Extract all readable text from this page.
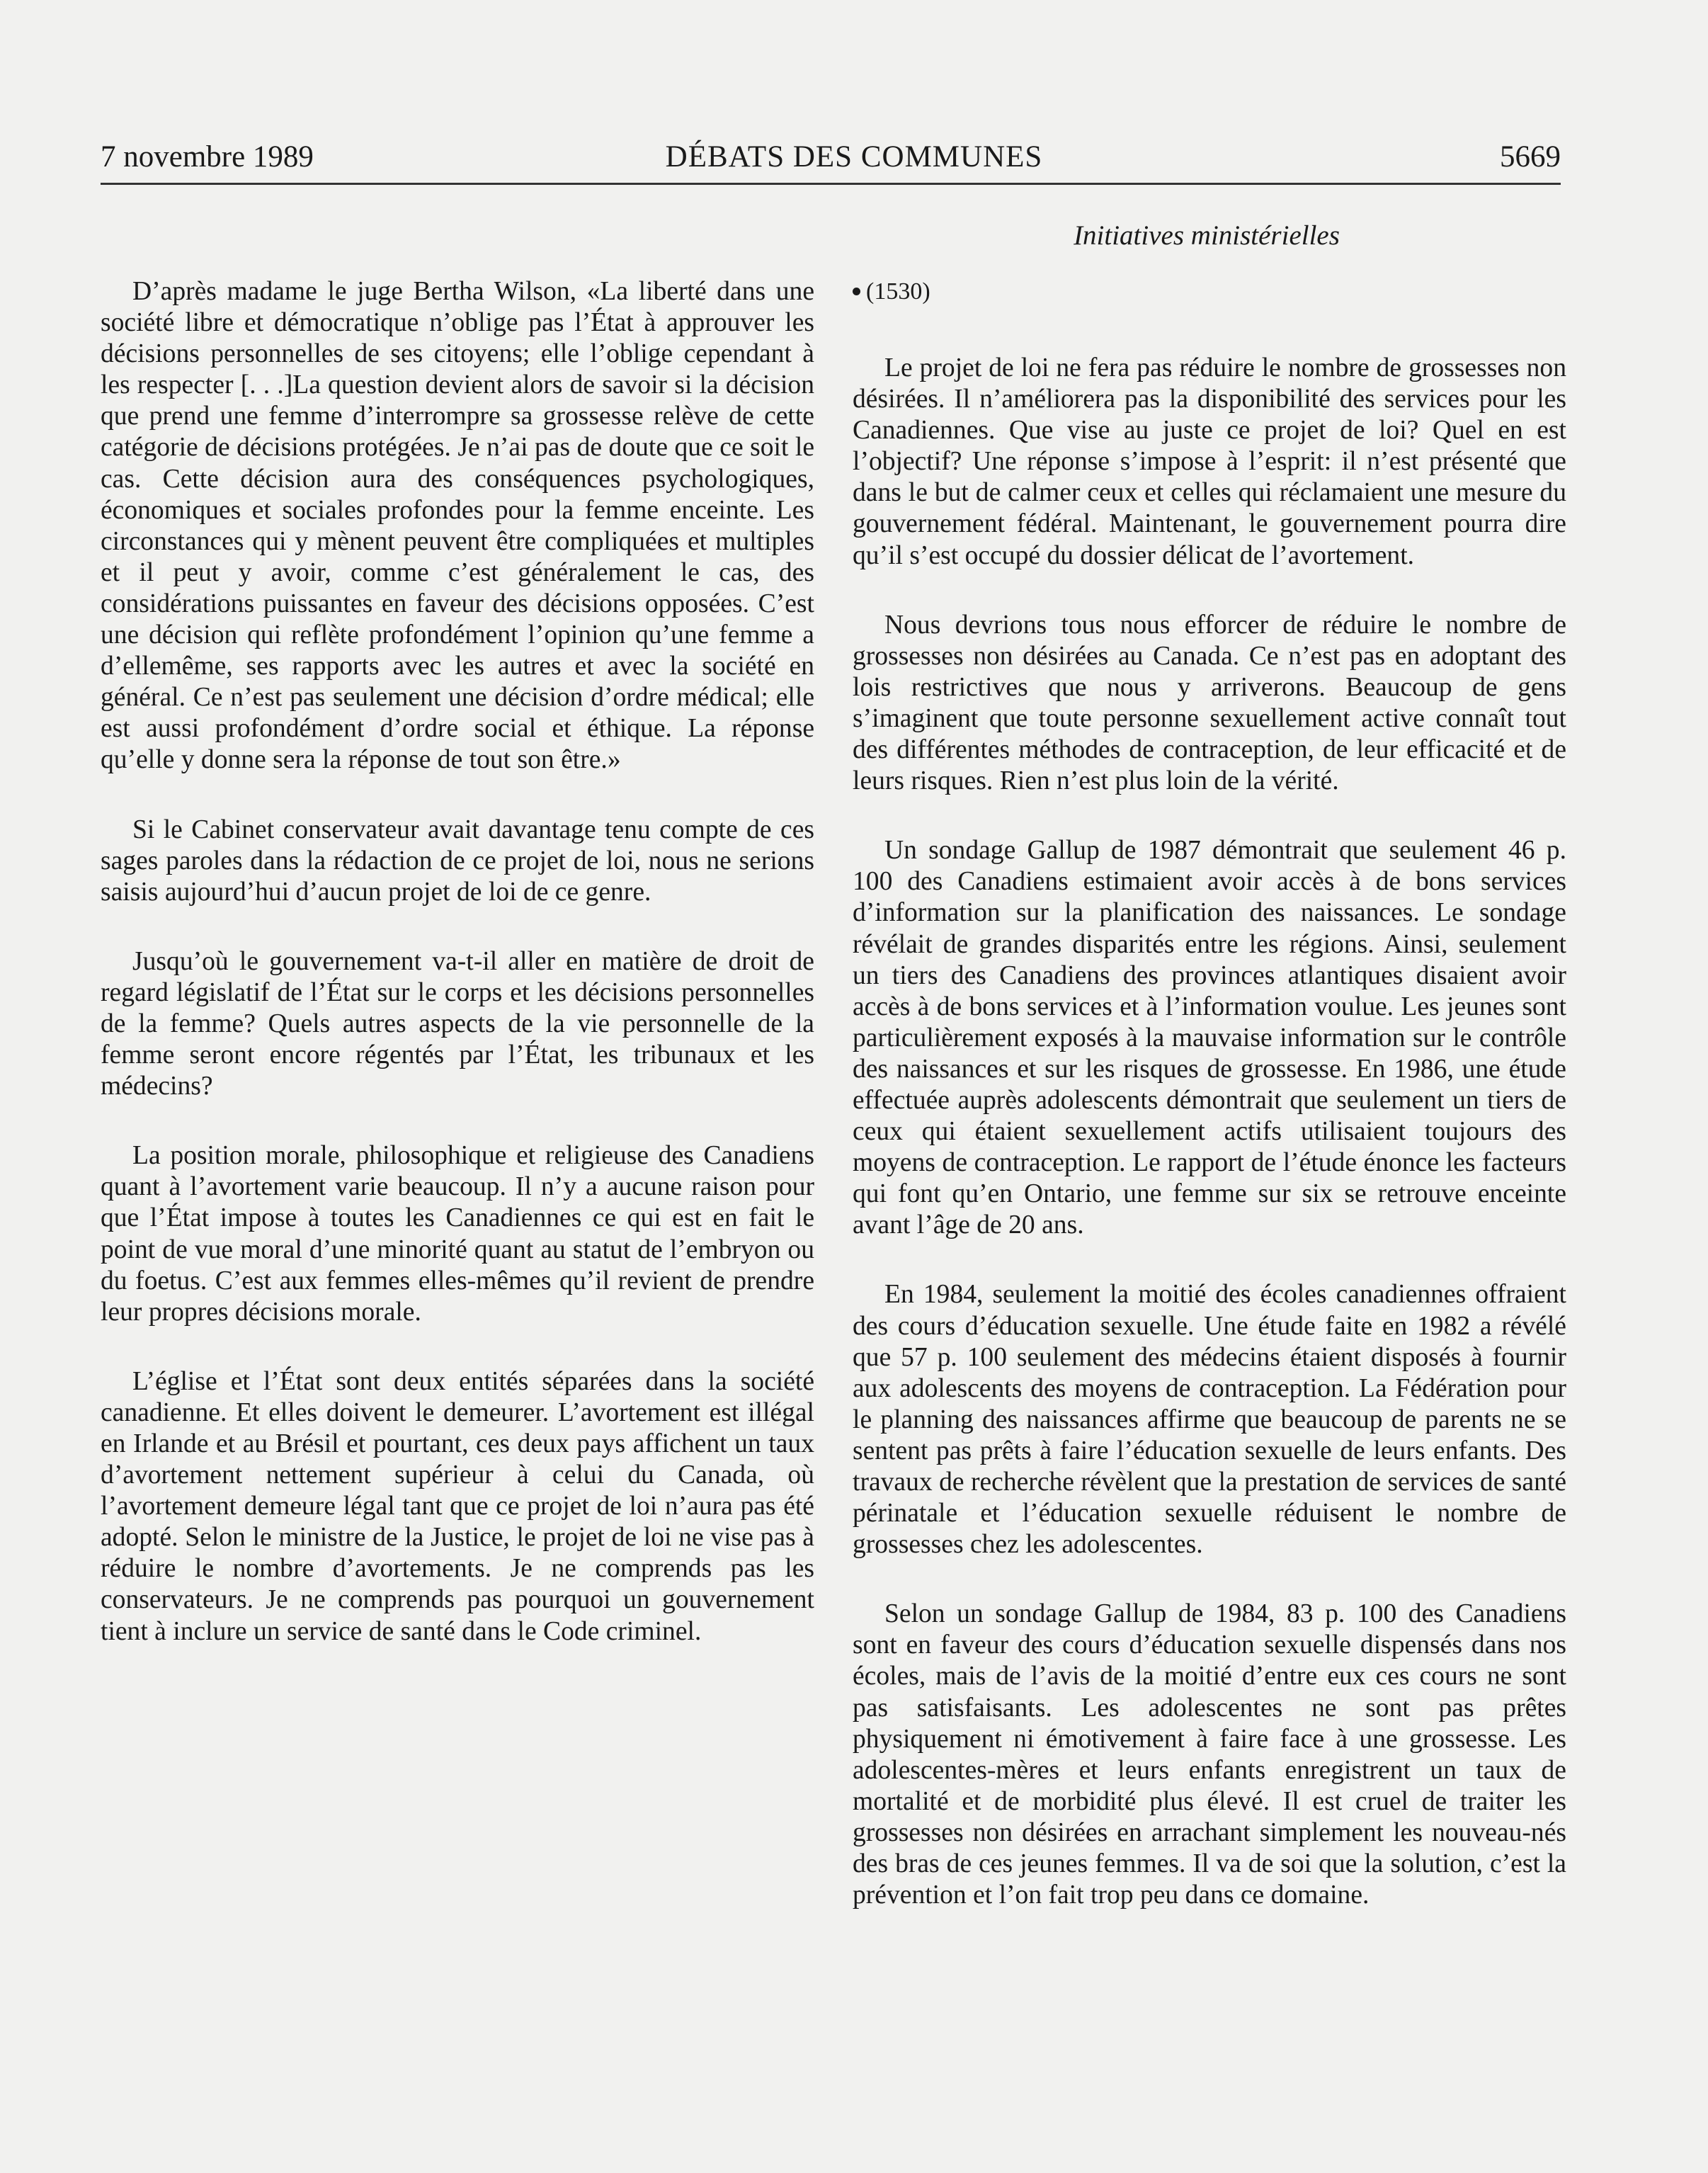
DÉBATS DES COMMUNES
7 novembre 1989	5669
Initiatives ministérielles

D’après madame le juge Bertha Wilson, «La liberté dans une société libre et démocratique n’oblige pas l’État à approuver les décisions personnelles de ses citoyens; elle l’oblige cependant à les respecter [. . .]La question devient alors de savoir si la décision que prend une femme d’interrompre sa grossesse relève de cette catégorie de décisions protégées. Je n’ai pas de doute que ce soit le cas. Cette décision aura des conséquences psychologiques, économiques et sociales profondes pour la femme enceinte. Les circonstances qui y mènent peuvent être compliquées et multiples et il peut y avoir, comme c’est généralement le cas, des considérations puissantes en faveur des décisions opposées. C’est une décision qui reflète profondément l’opinion qu’une femme a d’ellemême, ses rapports avec les autres et avec la société en général. Ce n’est pas seulement une décision d’ordre médical; elle est aussi profondément d’ordre social et éthique. La réponse qu’elle y donne sera la réponse de tout son être.»

Si le Cabinet conservateur avait davantage tenu compte de ces sages paroles dans la rédaction de ce projet de loi, nous ne serions saisis aujourd’hui d’aucun projet de loi de ce genre.

Jusqu’où le gouvernement va-t-il aller en matière de droit de regard législatif de l’État sur le corps et les décisions personnelles de la femme? Quels autres aspects de la vie personnelle de la femme seront encore régentés par l’État, les tribunaux et les médecins?

La position morale, philosophique et religieuse des Canadiens quant à l’avortement varie beaucoup. Il n’y a aucune raison pour que l’État impose à toutes les Canadiennes ce qui est en fait le point de vue moral d’une minorité quant au statut de l’embryon ou du foetus. C’est aux femmes elles-mêmes qu’il revient de prendre leur propres décisions morale.

L’église et l’État sont deux entités séparées dans la société canadienne. Et elles doivent le demeurer. L’avortement est illégal en Irlande et au Brésil et pourtant, ces deux pays affichent un taux d’avortement nettement supérieur à celui du Canada, où l’avortement demeure légal tant que ce projet de loi n’aura pas été adopté. Selon le ministre de la Justice, le projet de loi ne vise pas à réduire le nombre d’avortements. Je ne comprends pas les conservateurs. Je ne comprends pas pourquoi un gouvernement tient à inclure un service de santé dans le Code criminel.

(1530)

Le projet de loi ne fera pas réduire le nombre de grossesses non désirées. Il n’améliorera pas la disponibilité des services pour les Canadiennes. Que vise au juste ce projet de loi? Quel en est l’objectif? Une réponse s’impose à l’esprit: il n’est présenté que dans le but de calmer ceux et celles qui réclamaient une mesure du gouvernement fédéral. Maintenant, le gouvernement pourra dire qu’il s’est occupé du dossier délicat de l’avortement.

Nous devrions tous nous efforcer de réduire le nombre de grossesses non désirées au Canada. Ce n’est pas en adoptant des lois restrictives que nous y arriverons. Beaucoup de gens s’imaginent que toute personne sexuellement active connaît tout des différentes méthodes de contraception, de leur efficacité et de leurs risques. Rien n’est plus loin de la vérité.

Un sondage Gallup de 1987 démontrait que seulement 46 p. 100 des Canadiens estimaient avoir accès à de bons services d’information sur la planification des naissances. Le sondage révélait de grandes disparités entre les régions. Ainsi, seulement un tiers des Canadiens des provinces atlantiques disaient avoir accès à de bons services et à l’information voulue. Les jeunes sont particulièrement exposés à la mauvaise information sur le contrôle des naissances et sur les risques de grossesse. En 1986, une étude effectuée auprès adolescents démontrait que seulement un tiers de ceux qui étaient sexuellement actifs utilisaient toujours des moyens de contraception. Le rapport de l’étude énonce les facteurs qui font qu’en Ontario, une femme sur six se retrouve enceinte avant l’âge de 20 ans.

En 1984, seulement la moitié des écoles canadiennes offraient des cours d’éducation sexuelle. Une étude faite en 1982 a révélé que 57 p. 100 seulement des médecins étaient disposés à fournir aux adolescents des moyens de contraception. La Fédération pour le planning des naissances affirme que beaucoup de parents ne se sentent pas prêts à faire l’éducation sexuelle de leurs enfants. Des travaux de recherche révèlent que la prestation de services de santé périnatale et l’éducation sexuelle réduisent le nombre de grossesses chez les adolescentes.

Selon un sondage Gallup de 1984, 83 p. 100 des Canadiens sont en faveur des cours d’éducation sexuelle dispensés dans nos écoles, mais de l’avis de la moitié d’entre eux ces cours ne sont pas satisfaisants. Les adolescentes ne sont pas prêtes physiquement ni émotivement à faire face à une grossesse. Les adolescentes-mères et leurs enfants enregistrent un taux de mortalité et de morbidité plus élevé. Il est cruel de traiter les grossesses non désirées en arrachant simplement les nouveau-nés des bras de ces jeunes femmes. Il va de soi que la solution, c’est la prévention et l’on fait trop peu dans ce domaine.
